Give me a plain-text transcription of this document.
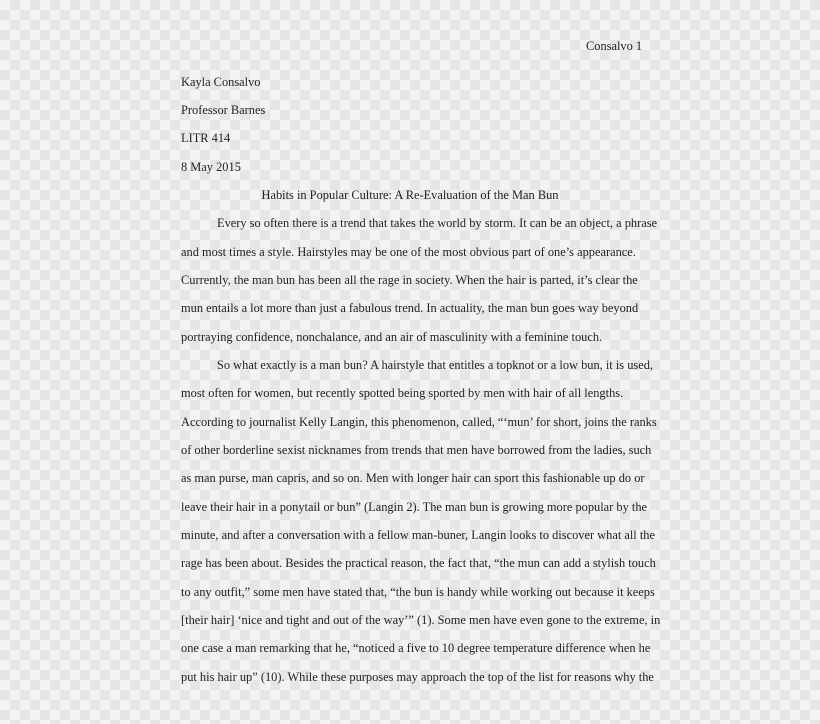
Consalvo 1

Kayla Consalvo

Professor Barnes

LITR 414

8 May 2015

Habits in Popular Culture: A Re-Evaluation of the Man Bun

Every so often there is a trend that takes the world by storm. It can be an object, a phrase

and most times a style. Hairstyles may be one of the most obvious part of one’s appearance.

Currently, the man bun has been all the rage in society. When the hair is parted, it’s clear the

mun entails a lot more than just a fabulous trend. In actuality, the man bun goes way beyond

portraying confidence, nonchalance, and an air of masculinity with a feminine touch.

So what exactly is a man bun? A hairstyle that entitles a topknot or a low bun, it is used,

most often for women, but recently spotted being sported by men with hair of all lengths.

According to journalist Kelly Langin, this phenomenon, called, “‘mun’ for short, joins the ranks

of other borderline sexist nicknames from trends that men have borrowed from the ladies, such

as man purse, man capris, and so on. Men with longer hair can sport this fashionable up do or

leave their hair in a ponytail or bun” (Langin 2). The man bun is growing more popular by the

minute, and after a conversation with a fellow man-buner, Langin looks to discover what all the

rage has been about. Besides the practical reason, the fact that, “the mun can add a stylish touch

to any outfit,” some men have stated that, “the bun is handy while working out because it keeps

[their hair] ‘nice and tight and out of the way’” (1). Some men have even gone to the extreme, in

one case a man remarking that he, “noticed a five to 10 degree temperature difference when he

put his hair up” (10). While these purposes may approach the top of the list for reasons why the
